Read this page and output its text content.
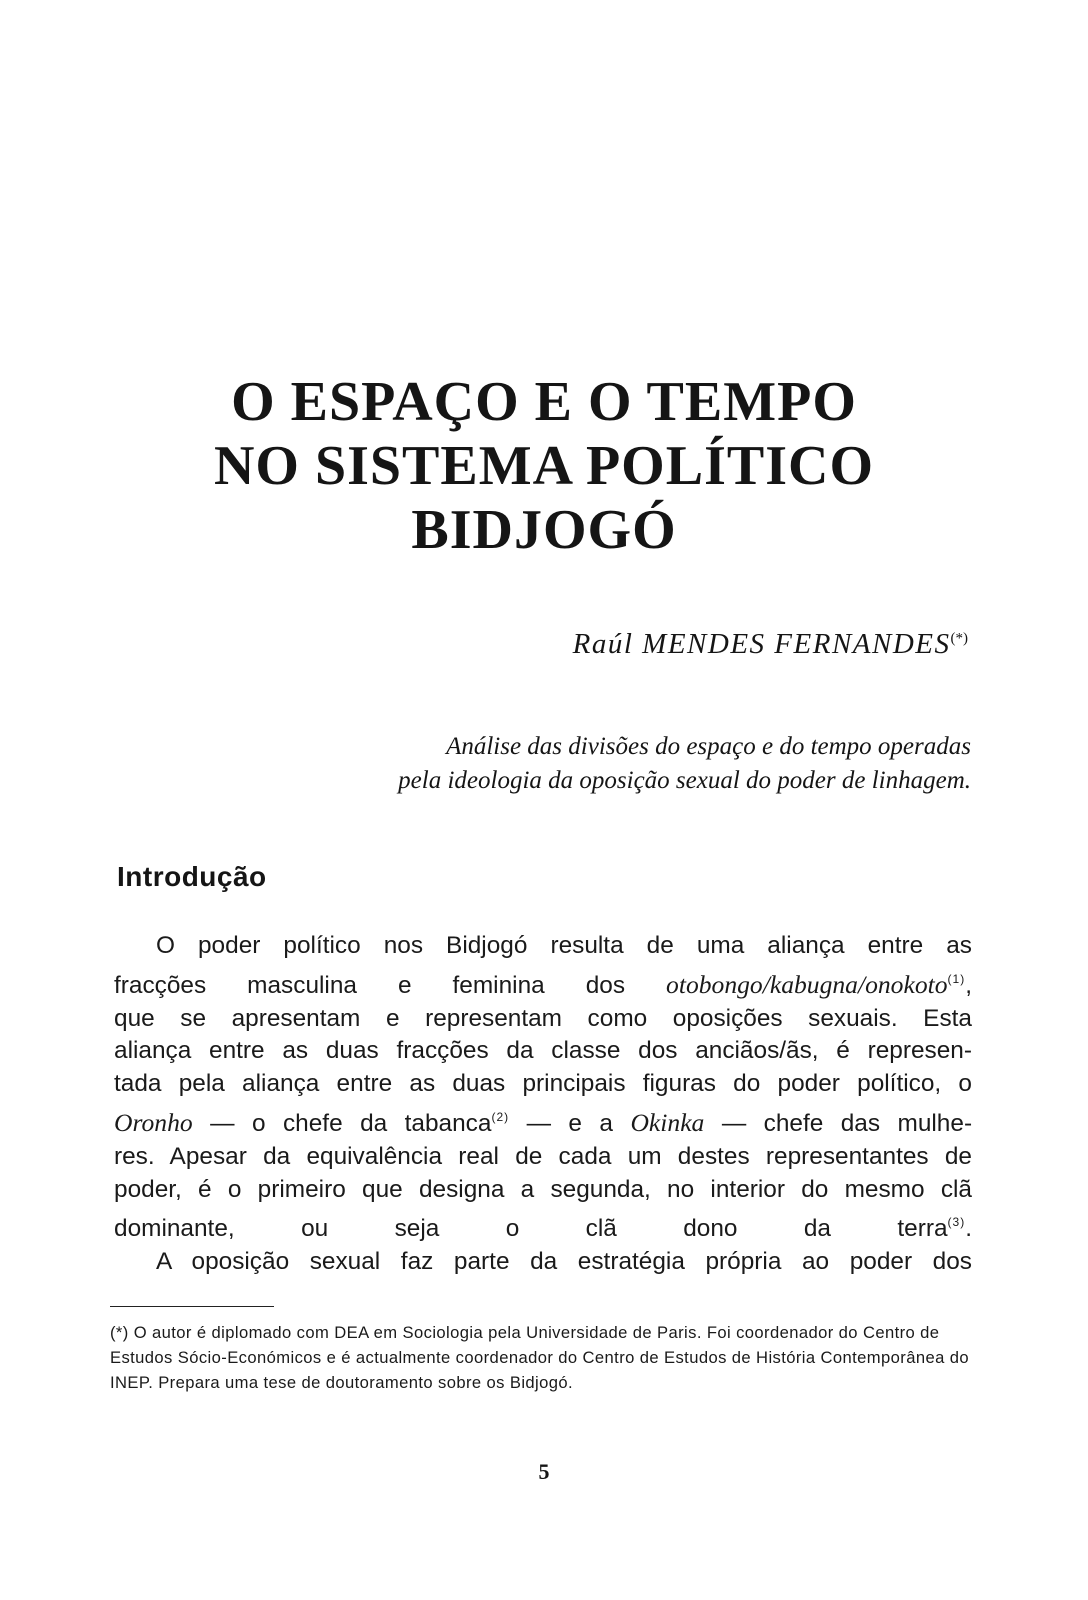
O ESPAÇO E O TEMPO
NO SISTEMA POLÍTICO
BIDJOGÓ
Raúl MENDES FERNANDES(*)
Análise das divisões do espaço e do tempo operadas
pela ideologia da oposição sexual do poder de linhagem.
Introdução
O poder político nos Bidjogó resulta de uma aliança entre as
fracções masculina e feminina dos otobongo/kabugna/onokoto$^{(1)}$,
que se apresentam e representam como oposições sexuais. Esta
aliança entre as duas fracções da classe dos anciãos/ãs, é represen-
tada pela aliança entre as duas principais figuras do poder político, o
Oronho — o chefe da tabanca$^{(2)}$ — e a Okinka — chefe das mulhe-
res. Apesar da equivalência real de cada um destes representantes de
poder, é o primeiro que designa a segunda, no interior do mesmo clã
dominante, ou seja o clã dono da terra$^{(3)}$.
A oposição sexual faz parte da estratégia própria ao poder dos
(*) O autor é diplomado com DEA em Sociologia pela Universidade de Paris. Foi coordenador do Centro de Estudos Sócio-Económicos e é actualmente coordenador do Centro de Estudos de História Contemporânea do INEP. Prepara uma tese de doutoramento sobre os Bidjogó.
5
